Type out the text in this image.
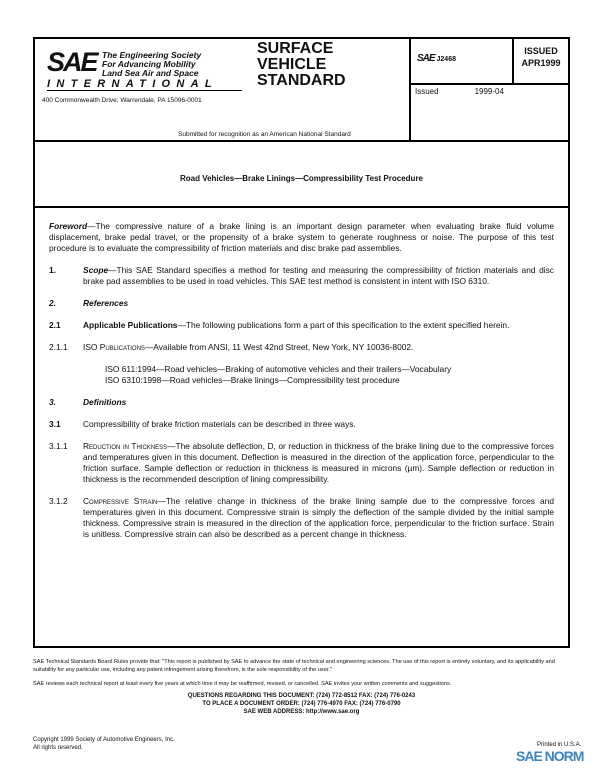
SAE The Engineering Society
For Advancing Mobility
Land Sea Air and Space
INTERNATIONAL
400 Commonwealth Drive, Warrendale, PA 15096-0001
SURFACE
VEHICLE
STANDARD
Submitted for recognition as an American National Standard
SAE J2468
ISSUED
APR1999
Issued	1999-04
Road Vehicles—Brake Linings—Compressibility Test Procedure
Foreword—The compressive nature of a brake lining is an important design parameter when evaluating brake fluid volume displacement, brake pedal travel, or the propensity of a brake system to generate roughness or noise. The purpose of this test procedure is to evaluate the compressibility of friction materials and disc brake pad assemblies.
1.	Scope—This SAE Standard specifies a method for testing and measuring the compressibility of friction materials and disc brake pad assemblies to be used in road vehicles. This SAE test method is consistent in intent with ISO 6310.
2.	References
2.1	Applicable Publications—The following publications form a part of this specification to the extent specified herein.
2.1.1	ISO Publications—Available from ANSI, 11 West 42nd Street, New York, NY 10036-8002.
ISO 611:1994—Road vehicles—Braking of automotive vehicles and their trailers—Vocabulary
ISO 6310:1998—Road vehicles—Brake linings—Compressibility test procedure
3.	Definitions
3.1	Compressibility of brake friction materials can be described in three ways.
3.1.1	Reduction in Thickness—The absolute deflection, D, or reduction in thickness of the brake lining due to the compressive forces and temperatures given in this document. Deflection is measured in the direction of the application force, perpendicular to the friction surface. Sample deflection or reduction in thickness is measured in microns (µm). Sample deflection or reduction in thickness is the recommended description of lining compressibility.
3.1.2	Compressive Strain—The relative change in thickness of the brake lining sample due to the compressive forces and temperatures given in this document. Compressive strain is simply the deflection of the sample divided by the initial sample thickness. Compressive strain is measured in the direction of the application force, perpendicular to the friction surface. Strain is unitless. Compressive strain can also be described as a percent change in thickness.
SAE Technical Standards Board Rules provide that: "This report is published by SAE to advance the state of technical and engineering sciences. The use of this report is entirely voluntary, and its applicability and suitability for any particular use, including any patent infringement arising therefrom, is the sole responsibility of the user."
SAE reviews each technical report at least every five years at which time it may be reaffirmed, revised, or cancelled. SAE invites your written comments and suggestions.
QUESTIONS REGARDING THIS DOCUMENT: (724) 772-8512 FAX: (724) 776-0243
TO PLACE A DOCUMENT ORDER: (724) 776-4970 FAX: (724) 776-0790
SAE WEB ADDRESS: http://www.sae.org
Copyright 1999 Society of Automotive Engineers, Inc.
All rights reserved.	Printed in U.S.A.
SAE NORM
